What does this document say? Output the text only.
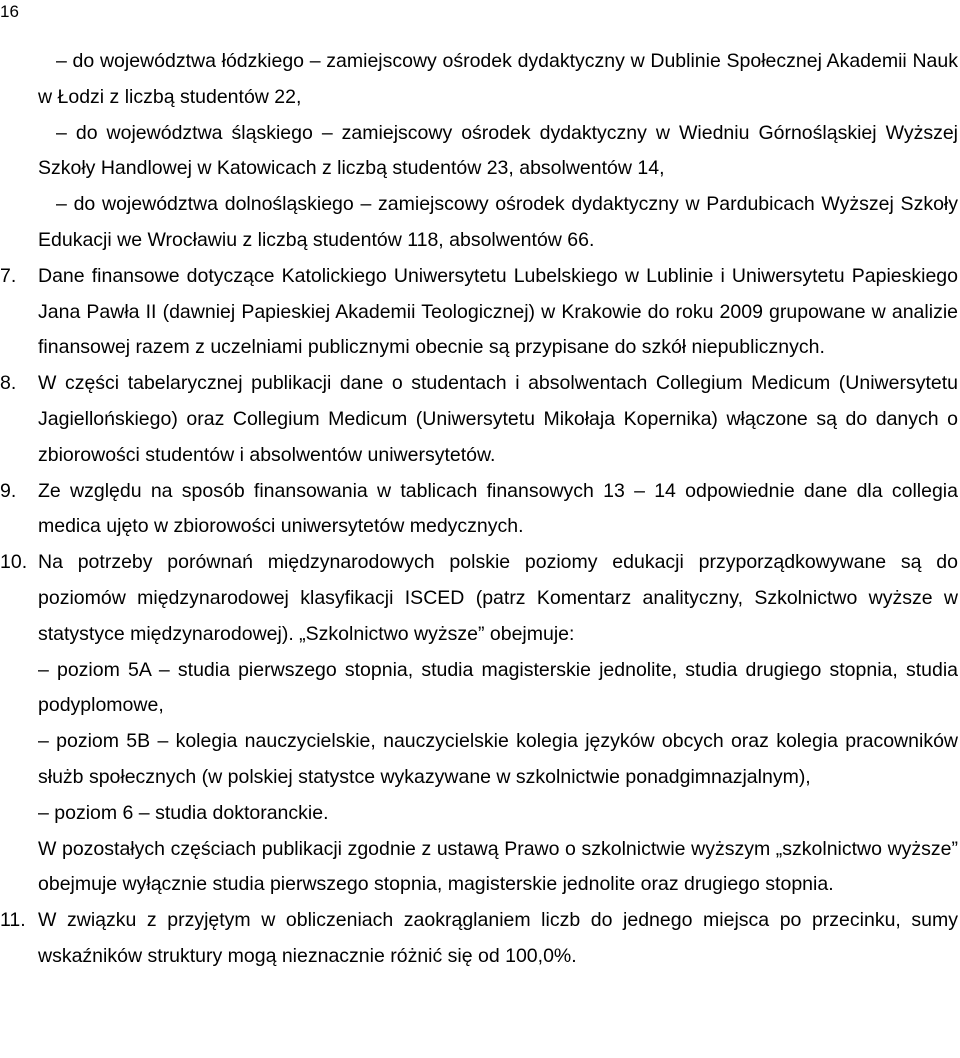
16

– do województwa łódzkiego – zamiejscowy ośrodek dydaktyczny w Dublinie Społecznej Akademii Nauk w Łodzi z liczbą studentów 22,

– do województwa śląskiego – zamiejscowy ośrodek dydaktyczny w Wiedniu Górnośląskiej Wyższej Szkoły Handlowej w Katowicach z liczbą studentów 23, absolwentów 14,

– do województwa dolnośląskiego – zamiejscowy ośrodek dydaktyczny w Pardubicach Wyższej Szkoły Edukacji we Wrocławiu z liczbą studentów 118, absolwentów 66.

7. Dane finansowe dotyczące Katolickiego Uniwersytetu Lubelskiego w Lublinie i Uniwersytetu Papieskiego Jana Pawła II (dawniej Papieskiej Akademii Teologicznej) w Krakowie do roku 2009 grupowane w analizie finansowej razem z uczelniami publicznymi obecnie są przypisane do szkół niepublicznych.

8. W części tabelarycznej publikacji dane o studentach i absolwentach Collegium Medicum (Uniwersytetu Jagiellońskiego) oraz Collegium Medicum (Uniwersytetu Mikołaja Kopernika) włączone są do danych o zbiorowości studentów i absolwentów uniwersytetów.

9. Ze względu na sposób finansowania w tablicach finansowych 13 – 14 odpowiednie dane dla collegia medica ujęto w zbiorowości uniwersytetów medycznych.

10. Na potrzeby porównań międzynarodowych polskie poziomy edukacji przyporządkowywane są do poziomów międzynarodowej klasyfikacji ISCED (patrz Komentarz analityczny, Szkolnictwo wyższe w statystyce międzynarodowej). „Szkolnictwo wyższe” obejmuje:

– poziom 5A – studia pierwszego stopnia, studia magisterskie jednolite, studia drugiego stopnia, studia podyplomowe,

– poziom 5B – kolegia nauczycielskie, nauczycielskie kolegia języków obcych oraz kolegia pracowników służb społecznych (w polskiej statystce wykazywane w szkolnictwie ponadgimnazjalnym),

– poziom 6 – studia doktoranckie.

W pozostałych częściach publikacji zgodnie z ustawą Prawo o szkolnictwie wyższym „szkolnictwo wyższe” obejmuje wyłącznie studia pierwszego stopnia, magisterskie jednolite oraz drugiego stopnia.

11. W związku z przyjętym w obliczeniach zaokrąglaniem liczb do jednego miejsca po przecinku, sumy wskaźników struktury mogą nieznacznie różnić się od 100,0%.
